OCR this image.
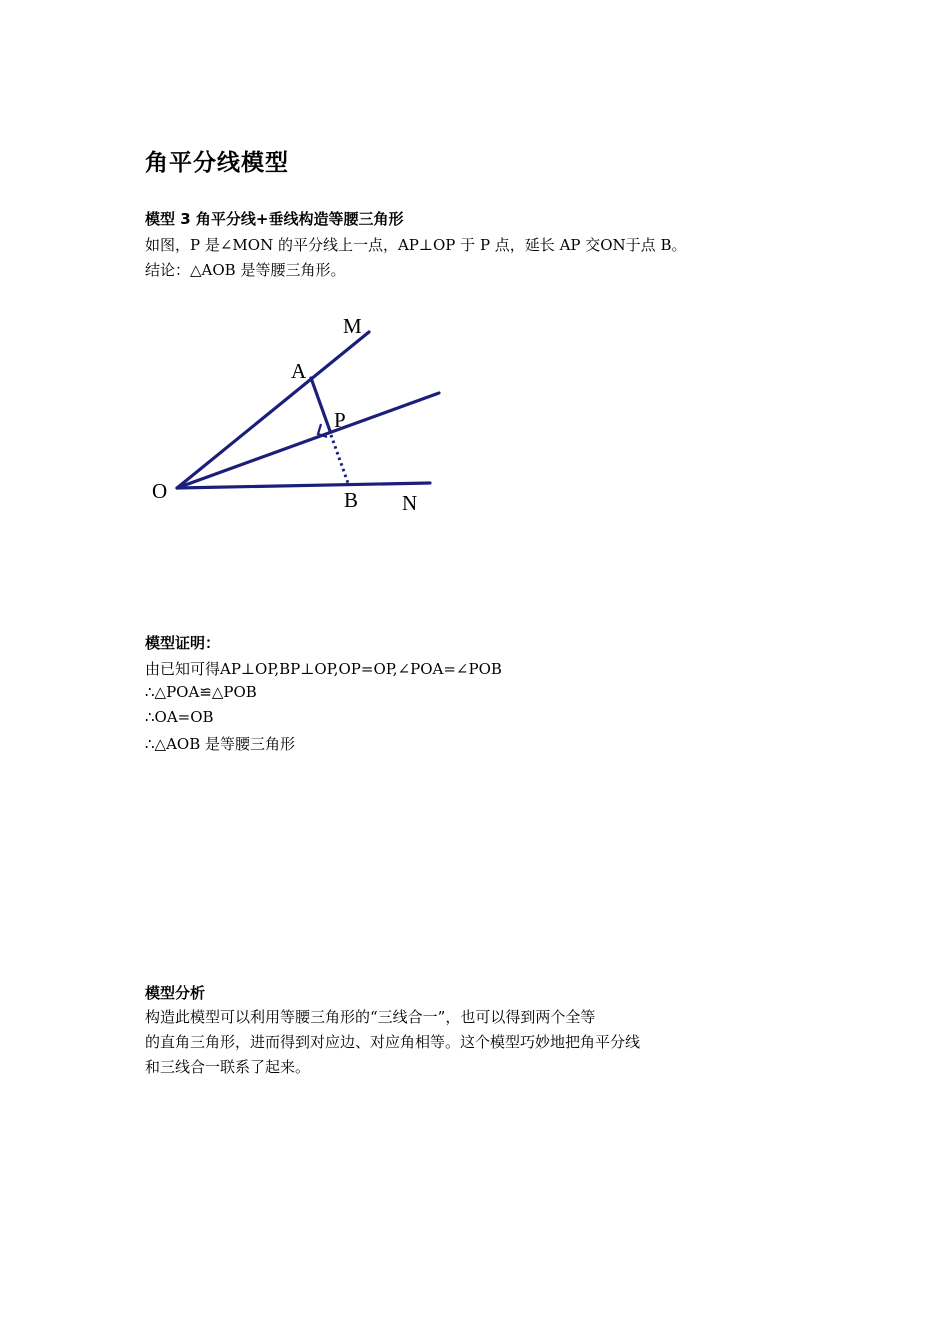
角平分线模型
模型 3 角平分线+垂线构造等腰三角形

如图，P 是∠MON 的平分线上一点，AP⊥OP 于 P 点，延长 AP 交ON于点 B。

结论：△AOB 是等腰三角形。

M
A
P
O	B N
模型证明：

由已知可得AP⊥OP,BP⊥OP,OP=OP,∠POA=∠POB

∴△POA≌△POB

∴OA=OB

∴△AOB 是等腰三角形

模型分析

构造此模型可以利用等腰三角形的“三线合一”，也可以得到两个全等

的直角三角形，进而得到对应边、对应角相等。这个模型巧妙地把角平分线

和三线合一联系了起来。
